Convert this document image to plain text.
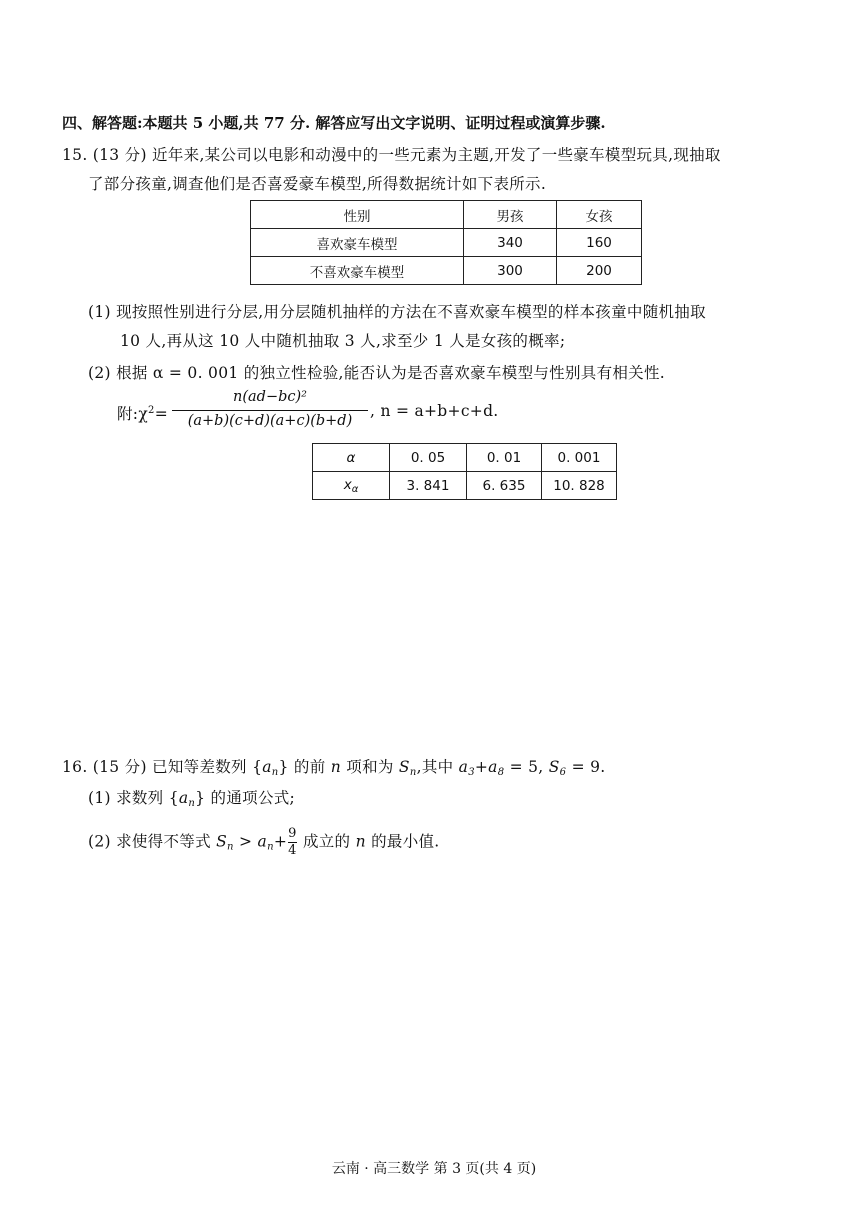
四、解答题:本题共 5 小题,共 77 分. 解答应写出文字说明、证明过程或演算步骤.
15. (13 分) 近年来,某公司以电影和动漫中的一些元素为主题,开发了一些豪车模型玩具,现抽取
了部分孩童,调查他们是否喜爱豪车模型,所得数据统计如下表所示.
性别	男孩	女孩
喜欢豪车模型	340	160
不喜欢豪车模型	300	200
(1) 现按照性别进行分层,用分层随机抽样的方法在不喜欢豪车模型的样本孩童中随机抽取
10 人,再从这 10 人中随机抽取 3 人,求至少 1 人是女孩的概率;
(2) 根据 α = 0. 001 的独立性检验,能否认为是否喜欢豪车模型与性别具有相关性.
附$:\chi^2=$
n(ad−bc)²
(a+b)(c+d)(a+c)(b+d)
, n = a+b+c+d.
α	0. 05	0. 01	0. 001
$x_\alpha$	3. 841	6. 635	10. 828
16. (15 分) 已知等差数列 $\{a_n\}$ 的前 n 项和为 $S_n$,其中 $a_3+a_8 = 5$, $S_6 = 9$.
(1) 求数列 $\{a_n\}$ 的通项公式;
(2) 求使得不等式 $S_n > a_n+ \frac{9}{4}$ 成立的 n 的最小值.
云南 · 高三数学 第 3 页(共 4 页)
